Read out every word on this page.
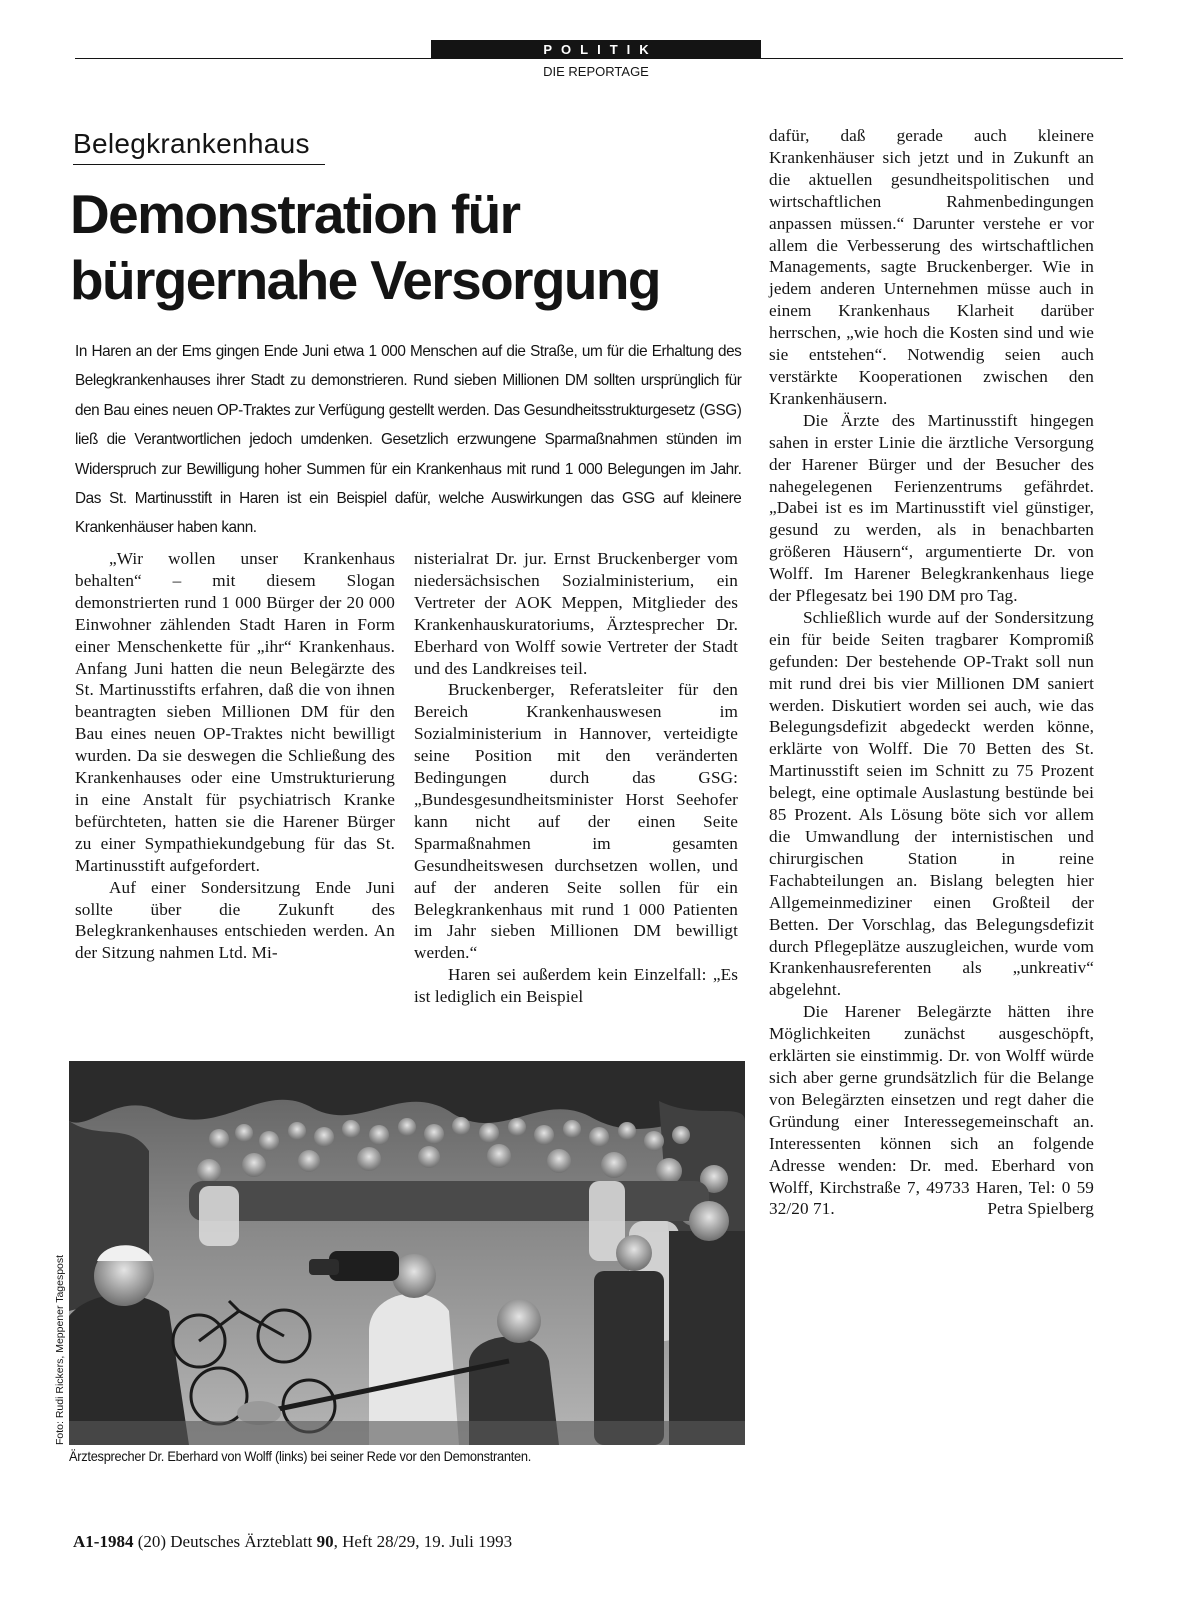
POLITIK

DIE REPORTAGE

Belegkrankenhaus
Demonstration für
bürgernahe Versorgung

In Haren an der Ems gingen Ende Juni etwa 1 000 Menschen auf die Straße, um für die Erhaltung des Belegkrankenhauses ihrer Stadt zu demonstrieren. Rund sieben Millionen DM sollten ursprünglich für den Bau eines neuen OP-Traktes zur Verfügung gestellt werden. Das Gesundheitsstrukturgesetz (GSG) ließ die Verantwortlichen jedoch umdenken. Gesetzlich erzwungene Sparmaßnahmen stünden im Widerspruch zur Bewilligung hoher Summen für ein Krankenhaus mit rund 1 000 Belegungen im Jahr. Das St. Martinusstift in Haren ist ein Beispiel dafür, welche Auswirkungen das GSG auf kleinere Krankenhäuser haben kann.

„Wir wollen unser Krankenhaus behalten“ – mit diesem Slogan demonstrierten rund 1 000 Bürger der 20 000 Einwohner zählenden Stadt Haren in Form einer Menschenkette für „ihr“ Krankenhaus. Anfang Juni hatten die neun Belegärzte des St. Martinusstifts erfahren, daß die von ihnen beantragten sieben Millionen DM für den Bau eines neuen OP-Traktes nicht bewilligt wurden. Da sie deswegen die Schließung des Krankenhauses oder eine Umstrukturierung in eine Anstalt für psychiatrisch Kranke befürchteten, hatten sie die Harener Bürger zu einer Sympathiekundgebung für das St. Martinusstift aufgefordert.

Auf einer Sondersitzung Ende Juni sollte über die Zukunft des Belegkrankenhauses entschieden werden. An der Sitzung nahmen Ltd. Mi-

nisterialrat Dr. jur. Ernst Bruckenberger vom niedersächsischen Sozialministerium, ein Vertreter der AOK Meppen, Mitglieder des Krankenhauskuratoriums, Ärztesprecher Dr. Eberhard von Wolff sowie Vertreter der Stadt und des Landkreises teil.

Bruckenberger, Referatsleiter für den Bereich Krankenhauswesen im Sozialministerium in Hannover, verteidigte seine Position mit den veränderten Bedingungen durch das GSG: „Bundesgesundheitsminister Horst Seehofer kann nicht auf der einen Seite Sparmaßnahmen im gesamten Gesundheitswesen durchsetzen wollen, und auf der anderen Seite sollen für ein Belegkrankenhaus mit rund 1 000 Patienten im Jahr sieben Millionen DM bewilligt werden.“

Haren sei außerdem kein Einzelfall: „Es ist lediglich ein Beispiel

dafür, daß gerade auch kleinere Krankenhäuser sich jetzt und in Zukunft an die aktuellen gesundheitspolitischen und wirtschaftlichen Rahmenbedingungen anpassen müssen.“ Darunter verstehe er vor allem die Verbesserung des wirtschaftlichen Managements, sagte Bruckenberger. Wie in jedem anderen Unternehmen müsse auch in einem Krankenhaus Klarheit darüber herrschen, „wie hoch die Kosten sind und wie sie entstehen“. Notwendig seien auch verstärkte Kooperationen zwischen den Krankenhäusern.

Die Ärzte des Martinusstift hingegen sahen in erster Linie die ärztliche Versorgung der Harener Bürger und der Besucher des nahegelegenen Ferienzentrums gefährdet. „Dabei ist es im Martinusstift viel günstiger, gesund zu werden, als in benachbarten größeren Häusern“, argumentierte Dr. von Wolff. Im Harener Belegkrankenhaus liege der Pflegesatz bei 190 DM pro Tag.

Schließlich wurde auf der Sondersitzung ein für beide Seiten tragbarer Kompromiß gefunden: Der bestehende OP-Trakt soll nun mit rund drei bis vier Millionen DM saniert werden. Diskutiert worden sei auch, wie das Belegungsdefizit abgedeckt werden könne, erklärte von Wolff. Die 70 Betten des St. Martinusstift seien im Schnitt zu 75 Prozent belegt, eine optimale Auslastung bestünde bei 85 Prozent. Als Lösung böte sich vor allem die Umwandlung der internistischen und chirurgischen Station in reine Fachabteilungen an. Bislang belegten hier Allgemeinmediziner einen Großteil der Betten. Der Vorschlag, das Belegungsdefizit durch Pflegeplätze auszugleichen, wurde vom Krankenhausreferenten als „unkreativ“ abgelehnt.

Die Harener Belegärzte hätten ihre Möglichkeiten zunächst ausgeschöpft, erklärten sie einstimmig. Dr. von Wolff würde sich aber gerne grundsätzlich für die Belange von Belegärzten einsetzen und regt daher die Gründung einer Interessegemeinschaft an. Interessenten können sich an folgende Adresse wenden: Dr. med. Eberhard von Wolff, Kirchstraße 7, 49733 Haren, Tel: 0 59 32/20 71.	Petra Spielberg

Foto: Rudi Rickers, Meppener Tagespost

Ärztesprecher Dr. Eberhard von Wolff (links) bei seiner Rede vor den Demonstranten.

A1-1984 (20) Deutsches Ärzteblatt 90, Heft 28/29, 19. Juli 1993
